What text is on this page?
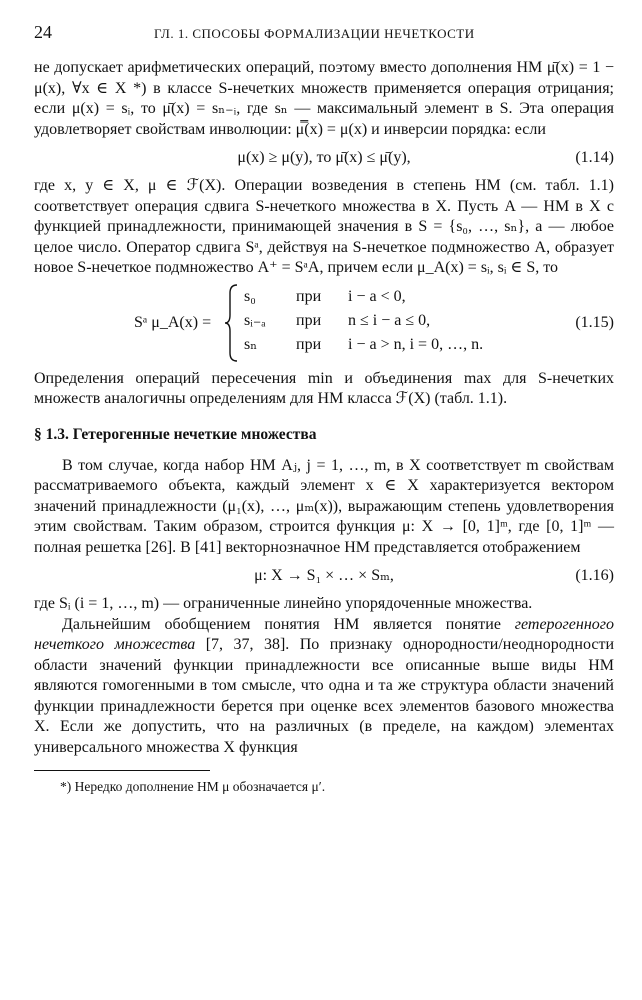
24	ГЛ. 1. СПОСОБЫ ФОРМАЛИЗАЦИИ НЕЧЕТКОСТИ

не допускает арифметических операций, поэтому вместо дополнения НМ μ̄(x) = 1 − μ(x), ∀x ∈ X *) в классе S-нечетких множеств применяется операция отрицания; если μ(x) = sᵢ, то μ̄(x) = sₙ₋ᵢ, где sₙ — максимальный элемент в S. Эта операция удовлетворяет свойствам инволюции: μ̿(x) = μ(x) и инверсии порядка: если

μ(x) ≥ μ(y), то μ̄(x) ≤ μ̄(y),	(1.14)

где x, y ∈ X, μ ∈ ℱ(X). Операции возведения в степень НМ (см. табл. 1.1) соответствует операция сдвига S-нечеткого множества в X. Пусть A — НМ в X с функцией принадлежности, принимающей значения в S = {s₀, …, sₙ}, a — любое целое число. Оператор сдвига Sᵃ, действуя на S-нечеткое подмножество A, образует новое S-нечеткое подмножество A⁺ = SᵃA, причем если μ_A(x) = sᵢ, sᵢ ∈ S, то

Sᵃ μ_A(x) =
s₀	при i − a < 0,
sᵢ₋ₐ при n ≤ i − a ≤ 0,
sₙ при i − a > n, i = 0, …, n.
(1.15)

Определения операций пересечения min и объединения max для S-нечетких множеств аналогичны определениям для НМ класса ℱ(X) (табл. 1.1).

§ 1.3. Гетерогенные нечеткие множества

В том случае, когда набор НМ Aⱼ, j = 1, …, m, в X соответствует m свойствам рассматриваемого объекта, каждый элемент x ∈ X характеризуется вектором значений принадлежности (μ₁(x), …, μₘ(x)), выражающим степень удовлетворения этим свойствам. Таким образом, строится функция μ: X → [0, 1]ᵐ, где [0, 1]ᵐ — полная решетка [26]. В [41] векторнозначное НМ представляется отображением

μ: X → S₁ × … × Sₘ,	(1.16)

где Sᵢ (i = 1, …, m) — ограниченные линейно упорядоченные множества.

Дальнейшим обобщением понятия НМ является понятие гетерогенного нечеткого множества [7, 37, 38]. По признаку однородности/неоднородности области значений функции принадлежности все описанные выше виды НМ являются гомогенными в том смысле, что одна и та же структура области значений функции принадлежности берется при оценке всех элементов базового множества X. Если же допустить, что на различных (в пределе, на каждом) элементах универсального множества X функция

*) Нередко дополнение НМ μ обозначается μ′.
